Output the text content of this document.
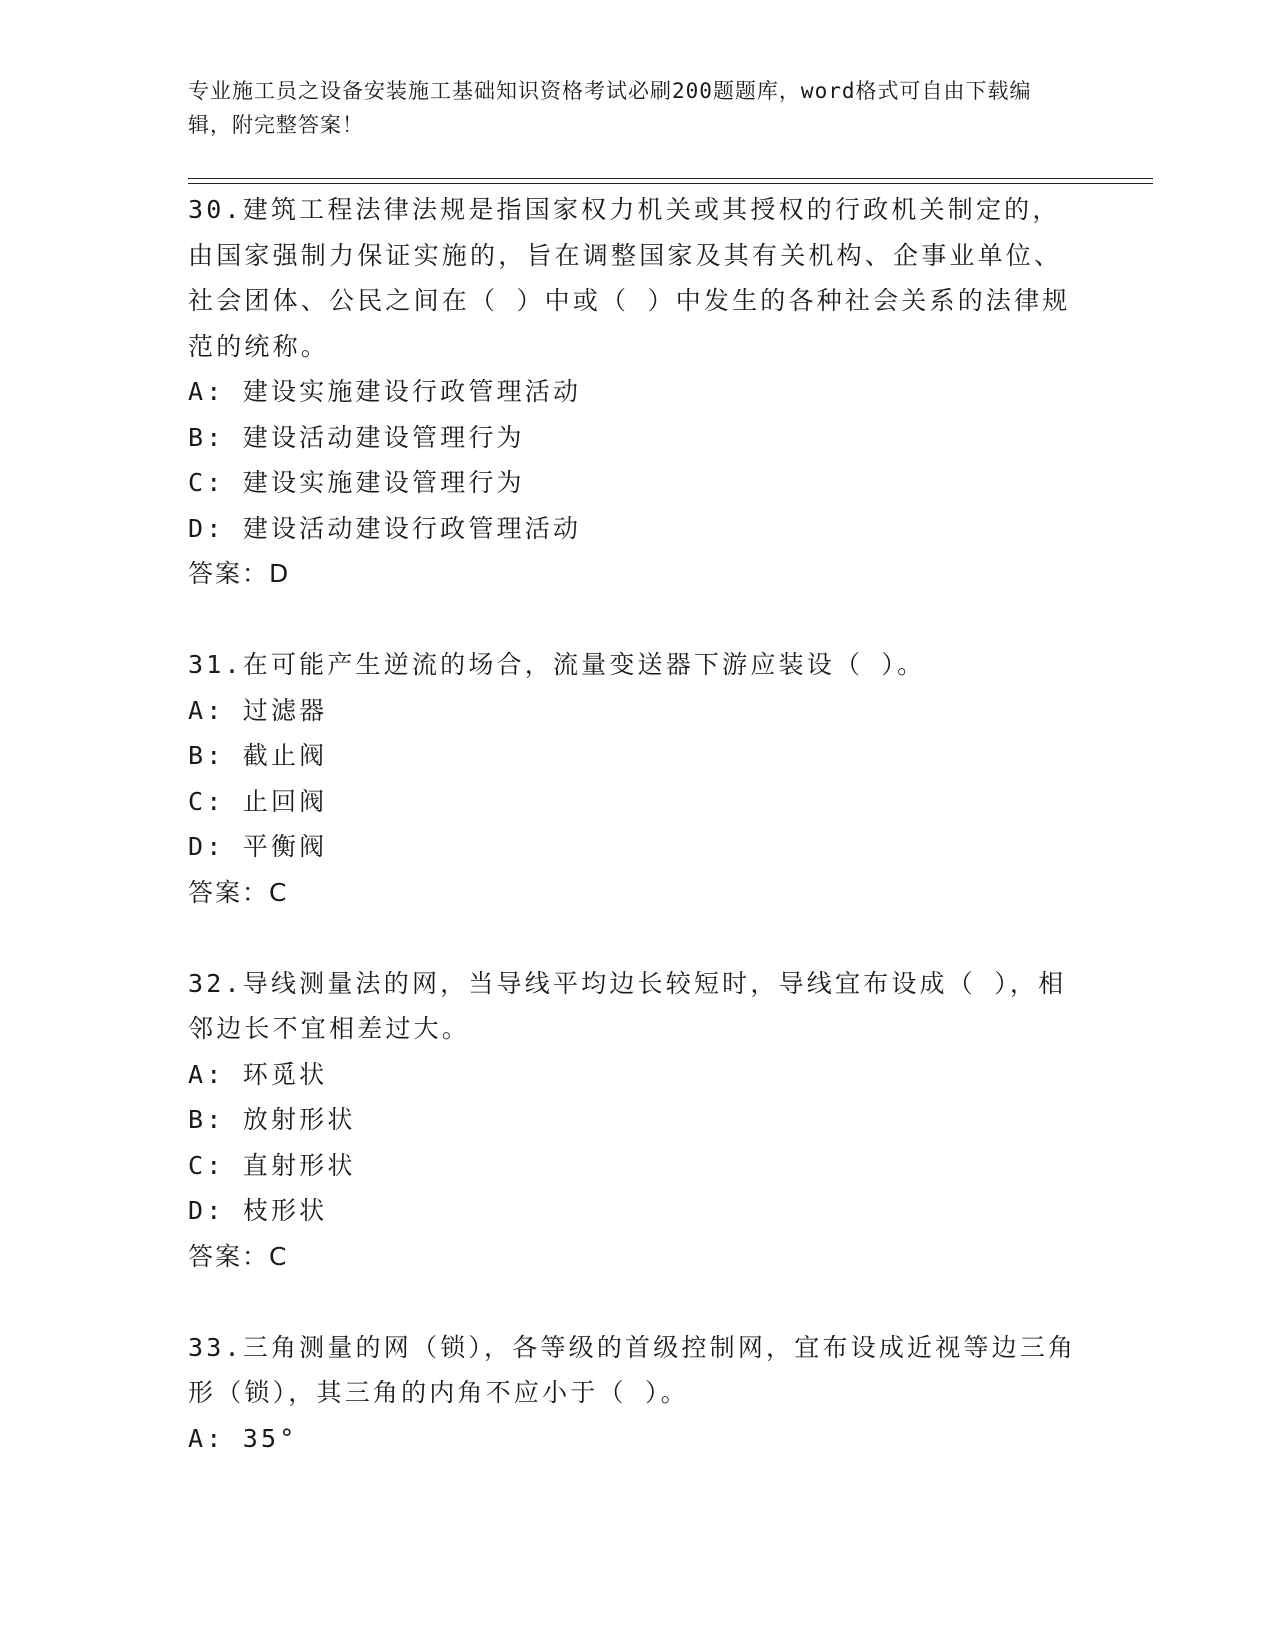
专业施工员之设备安装施工基础知识资格考试必刷200题题库，word格式可自由下载编辑，附完整答案！

30.建筑工程法律法规是指国家权力机关或其授权的行政机关制定的，由国家强制力保证实施的，旨在调整国家及其有关机构、企事业单位、社会团体、公民之间在（ ）中或（ ）中发生的各种社会关系的法律规范的统称。

A: 建设实施建设行政管理活动

B: 建设活动建设管理行为

C: 建设实施建设管理行为

D: 建设活动建设行政管理活动

答案：D

31.在可能产生逆流的场合，流量变送器下游应装设（ ）。

A: 过滤器

B: 截止阀

C: 止回阀

D: 平衡阀

答案：C

32.导线测量法的网，当导线平均边长较短时，导线宜布设成（ ），相邻边长不宜相差过大。

A: 环觅状

B: 放射形状

C: 直射形状

D: 枝形状

答案：C

33.三角测量的网（锁），各等级的首级控制网，宜布设成近视等边三角形（锁），其三角的内角不应小于（ ）。

A: 35°
